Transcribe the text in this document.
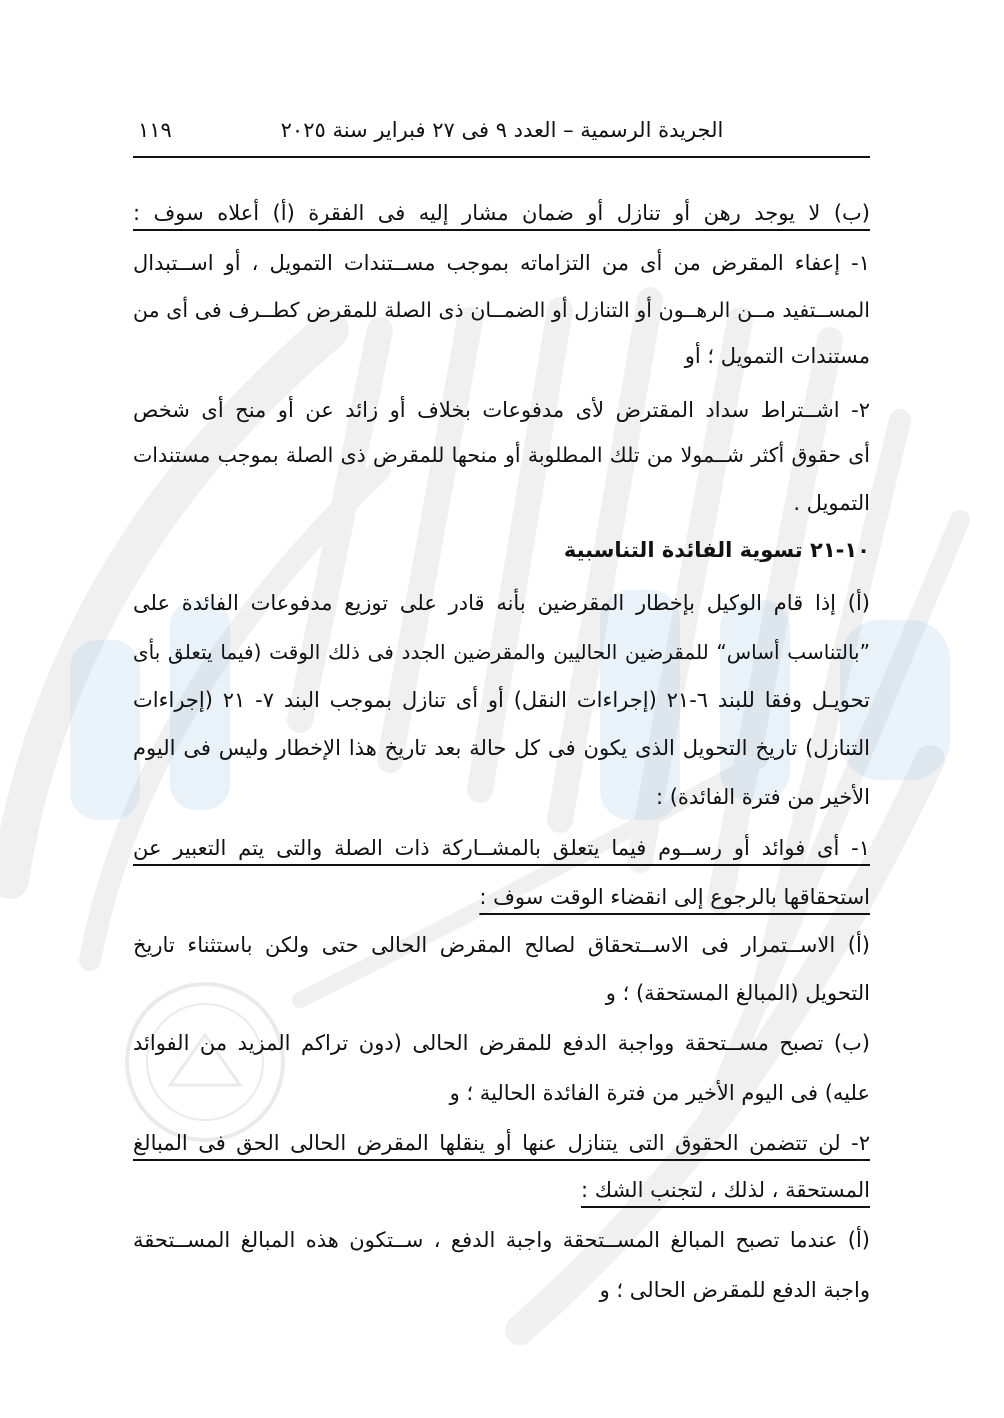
الجريدة الرسمية – العدد ٩ فى ٢٧ فبراير سنة ٢٠٢٥
١١٩
(ب) لا يوجد رهن أو تنازل أو ضمان مشار إليه فى الفقرة (أ) أعلاه سوف :
١- إعفاء المقرض من أى من التزاماته بموجب مســتندات التمويل ، أو اســتبدال
المســتفيد مــن الرهــون أو التنازل أو الضمــان ذى الصلة للمقرض كطــرف فى أى من
مستندات التمويل ؛ أو
٢- اشــتراط سداد المقترض لأى مدفوعات بخلاف أو زائد عن أو منح أى شخص
أى حقوق أكثر شــمولا من تلك المطلوبة أو منحها للمقرض ذى الصلة بموجب مستندات
التمويل .
١٠-٢١ تسوية الفائدة التناسبية
(أ) إذا قام الوكيل بإخطار المقرضين بأنه قادر على توزيع مدفوعات الفائدة على
”بالتناسب أساس“ للمقرضين الحاليين والمقرضين الجدد فى ذلك الوقت (فيما يتعلق بأى
تحويـل وفقا للبند ٦-٢١ (إجراءات النقل) أو أى تنازل بموجب البند ٧- ٢١ (إجراءات
التنازل) تاريخ التحويل الذى يكون فى كل حالة بعد تاريخ هذا الإخطار وليس فى اليوم
الأخير من فترة الفائدة) :
١- أى فوائد أو رســوم فيما يتعلق بالمشــاركة ذات الصلة والتى يتم التعبير عن
استحقاقها بالرجوع إلى انقضاء الوقت سوف :
(أ) الاســتمرار فى الاســتحقاق لصالح المقرض الحالى حتى ولكن باستثناء تاريخ
التحويل (المبالغ المستحقة) ؛ و
(ب) تصبح مســتحقة وواجبة الدفع للمقرض الحالى (دون تراكم المزيد من الفوائد
عليه) فى اليوم الأخير من فترة الفائدة الحالية ؛ و
٢- لن تتضمن الحقوق التى يتنازل عنها أو ينقلها المقرض الحالى الحق فى المبالغ
المستحقة ، لذلك ، لتجنب الشك :
(أ) عندما تصبح المبالغ المســتحقة واجبة الدفع ، ســتكون هذه المبالغ المســتحقة
واجبة الدفع للمقرض الحالى ؛ و
